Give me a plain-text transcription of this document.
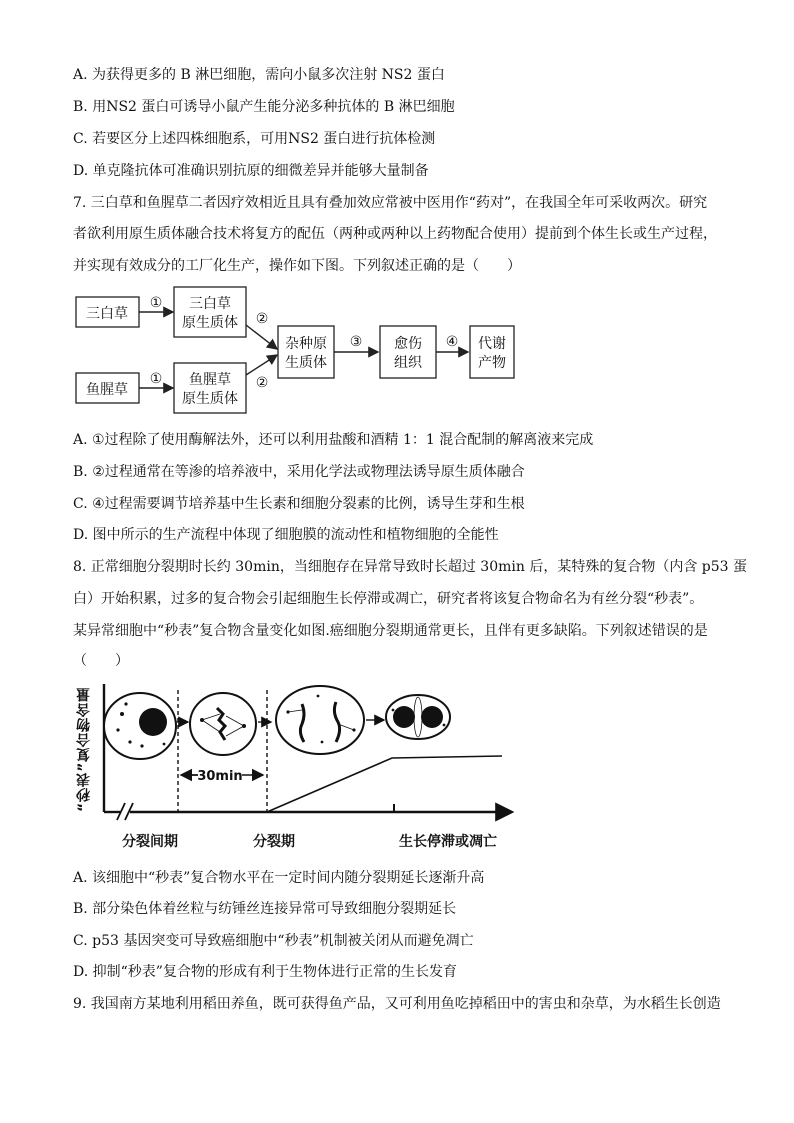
A. 为获得更多的 B 淋巴细胞，需向小鼠多次注射 NS2 蛋白
B. 用NS2 蛋白可诱导小鼠产生能分泌多种抗体的 B 淋巴细胞
C. 若要区分上述四株细胞系，可用NS2 蛋白进行抗体检测
D. 单克隆抗体可准确识别抗原的细微差异并能够大量制备
7. 三白草和鱼腥草二者因疗效相近且具有叠加效应常被中医用作“药对”，在我国全年可采收两次。研究
者欲利用原生质体融合技术将复方的配伍（两种或两种以上药物配合使用）提前到个体生长或生产过程，
并实现有效成分的工厂化生产，操作如下图。下列叙述正确的是（　　）
三白草
鱼腥草
①
①
三白草
原生质体
鱼腥草
原生质体
②
②
杂种原
生质体
③ 愈伤
组织
④ 代谢
产物
A. ①过程除了使用酶解法外，还可以利用盐酸和酒精 1：1 混合配制的解离液来完成
B. ②过程通常在等渗的培养液中，采用化学法或物理法诱导原生质体融合
C. ④过程需要调节培养基中生长素和细胞分裂素的比例，诱导生芽和生根
D. 图中所示的生产流程中体现了细胞膜的流动性和植物细胞的全能性
8. 正常细胞分裂期时长约 30min，当细胞存在异常导致时长超过 30min 后，某特殊的复合物（内含 p53 蛋
白）开始积累，过多的复合物会引起细胞生长停滞或凋亡，研究者将该复合物命名为有丝分裂“秒表”。
某异常细胞中“秒表”复合物含量变化如图.癌细胞分裂期通常更长，且伴有更多缺陷。下列叙述错误的是
（　　）
“秒表”复合物含量	30min
分裂间期	分裂期	生长停滞或凋亡
A. 该细胞中“秒表”复合物水平在一定时间内随分裂期延长逐渐升高
B. 部分染色体着丝粒与纺锤丝连接异常可导致细胞分裂期延长
C. p53 基因突变可导致癌细胞中“秒表”机制被关闭从而避免凋亡
D. 抑制“秒表”复合物的形成有利于生物体进行正常的生长发育
9. 我国南方某地利用稻田养鱼，既可获得鱼产品，又可利用鱼吃掉稻田中的害虫和杂草，为水稻生长创造
